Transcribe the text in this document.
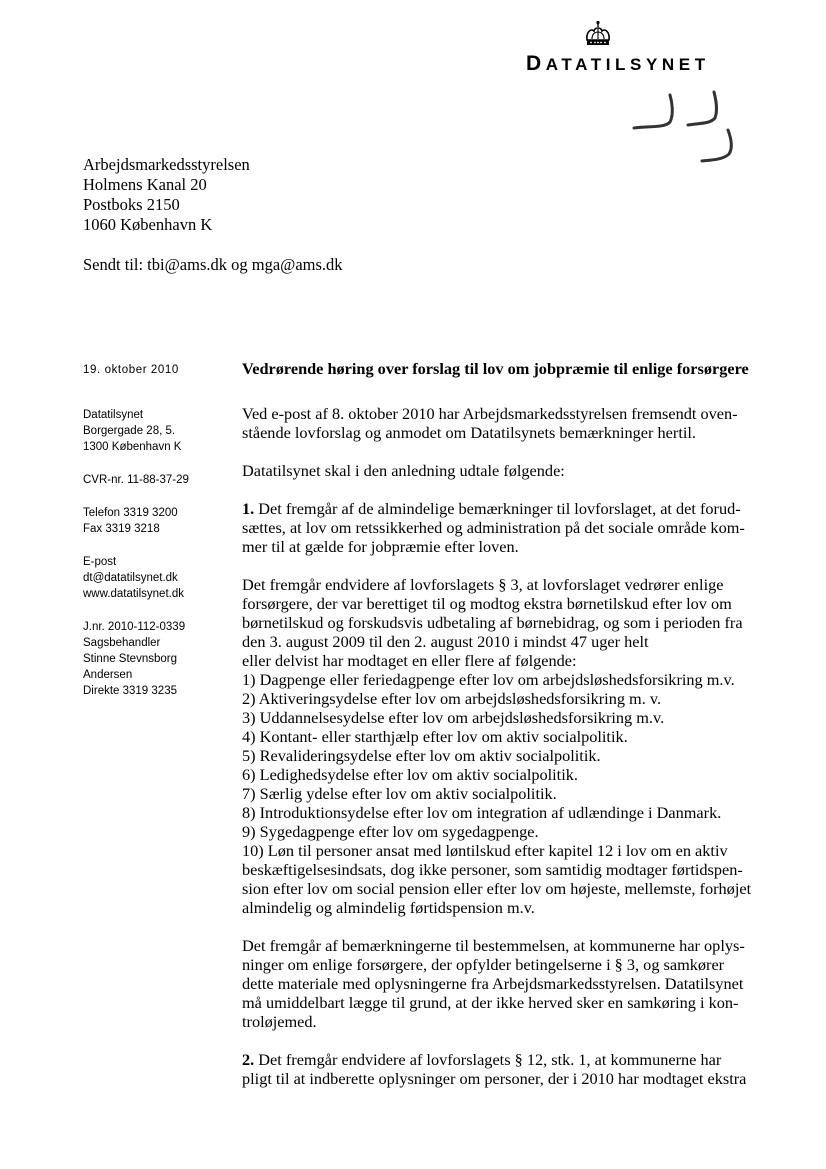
DATATILSYNET
Arbejdsmarkedsstyrelsen
Holmens Kanal 20
Postboks 2150
1060 København K
Sendt til: tbi@ams.dk og mga@ams.dk
19. oktober 2010
Datatilsynet
Borgergade 28, 5.
1300 København K
CVR-nr. 11-88-37-29
Telefon 3319 3200
Fax 3319 3218
E-post
dt@datatilsynet.dk
www.datatilsynet.dk
J.nr. 2010-112-0339
Sagsbehandler
Stinne Stevnsborg
Andersen
Direkte 3319 3235
Vedrørende høring over forslag til lov om jobpræmie til enlige forsørgere

Ved e-post af 8. oktober 2010 har Arbejdsmarkedsstyrelsen fremsendt oven-
stående lovforslag og anmodet om Datatilsynets bemærkninger hertil.

Datatilsynet skal i den anledning udtale følgende:

1. Det fremgår af de almindelige bemærkninger til lovforslaget, at det forud-
sættes, at lov om retssikkerhed og administration på det sociale område kom-
mer til at gælde for jobpræmie efter loven.

Det fremgår endvidere af lovforslagets § 3, at lovforslaget vedrører enlige
forsørgere, der var berettiget til og modtog ekstra børnetilskud efter lov om
børnetilskud og forskudsvis udbetaling af børnebidrag, og som i perioden fra
den 3. august 2009 til den 2. august 2010 i mindst 47 uger helt
eller delvist har modtaget en eller flere af følgende:
1) Dagpenge eller feriedagpenge efter lov om arbejdsløshedsforsikring m.v.
2) Aktiveringsydelse efter lov om arbejdsløshedsforsikring m. v.
3) Uddannelsesydelse efter lov om arbejdsløshedsforsikring m.v.
4) Kontant- eller starthjælp efter lov om aktiv socialpolitik.
5) Revalideringsydelse efter lov om aktiv socialpolitik.
6) Ledighedsydelse efter lov om aktiv socialpolitik.
7) Særlig ydelse efter lov om aktiv socialpolitik.
8) Introduktionsydelse efter lov om integration af udlændinge i Danmark.
9) Sygedagpenge efter lov om sygedagpenge.
10) Løn til personer ansat med løntilskud efter kapitel 12 i lov om en aktiv
beskæftigelsesindsats, dog ikke personer, som samtidig modtager førtidspen-
sion efter lov om social pension eller efter lov om højeste, mellemste, forhøjet
almindelig og almindelig førtidspension m.v.

Det fremgår af bemærkningerne til bestemmelsen, at kommunerne har oplys-
ninger om enlige forsørgere, der opfylder betingelserne i § 3, og samkører
dette materiale med oplysningerne fra Arbejdsmarkedsstyrelsen. Datatilsynet
må umiddelbart lægge til grund, at der ikke herved sker en samkøring i kon-
troløjemed.

2. Det fremgår endvidere af lovforslagets § 12, stk. 1, at kommunerne har
pligt til at indberette oplysninger om personer, der i 2010 har modtaget ekstra
